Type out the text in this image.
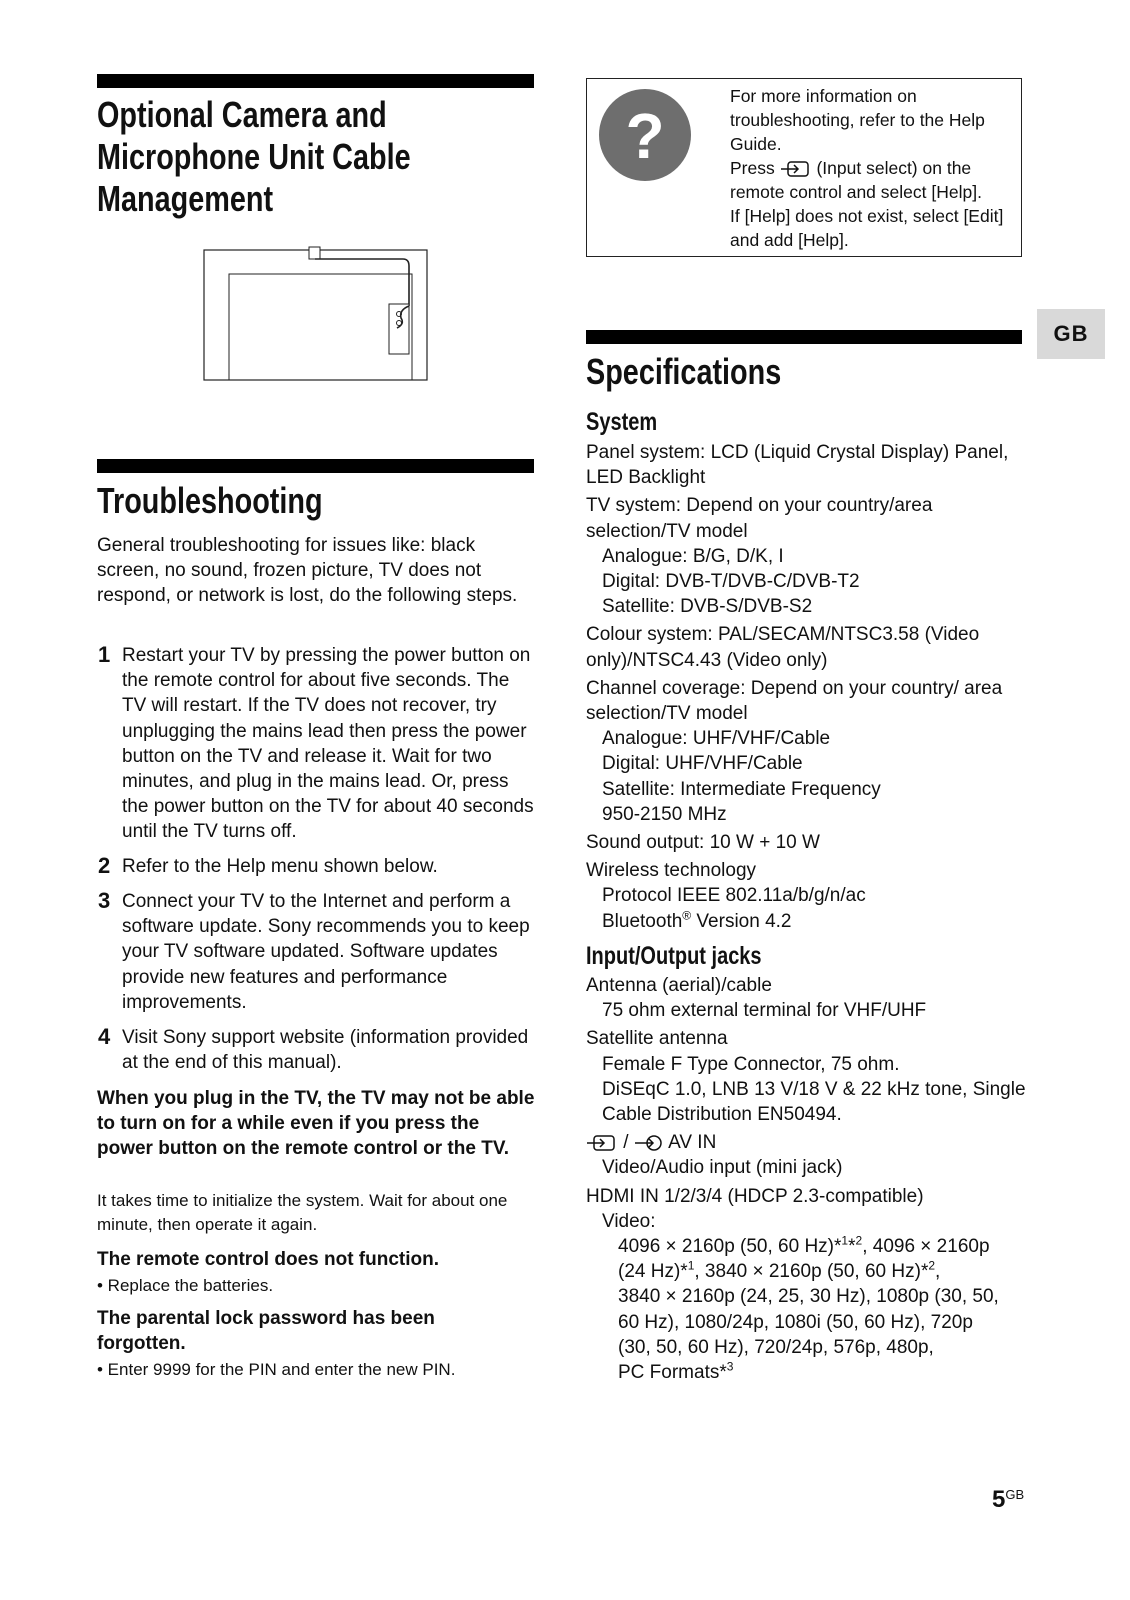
Optional Camera and
Microphone Unit Cable
Management
Troubleshooting
General troubleshooting for issues like: black screen, no sound, frozen picture, TV does not respond, or network is lost, do the following steps.
1 Restart your TV by pressing the power button on the remote control for about five seconds. The TV will restart. If the TV does not recover, try unplugging the mains lead then press the power button on the TV and release it. Wait for two minutes, and plug in the mains lead. Or, press the power button on the TV for about 40 seconds until the TV turns off.
2 Refer to the Help menu shown below.
3 Connect your TV to the Internet and perform a software update. Sony recommends you to keep your TV software updated. Software updates provide new features and performance improvements.
4 Visit Sony support website (information provided at the end of this manual).
When you plug in the TV, the TV may not be able to turn on for a while even if you press the power button on the remote control or the TV.
It takes time to initialize the system. Wait for about one minute, then operate it again.
The remote control does not function.
• Replace the batteries.
The parental lock password has been forgotten.
• Enter 9999 for the PIN and enter the new PIN.
?
For more information on troubleshooting, refer to the Help Guide.
Press (Input select) on the remote control and select [Help].
If [Help] does not exist, select [Edit] and add [Help].
GB
Specifications
System
Panel system: LCD (Liquid Crystal Display) Panel, LED Backlight
TV system: Depend on your country/area selection/TV model
Analogue: B/G, D/K, I
Digital: DVB-T/DVB-C/DVB-T2
Satellite: DVB-S/DVB-S2
Colour system: PAL/SECAM/NTSC3.58 (Video only)/NTSC4.43 (Video only)
Channel coverage: Depend on your country/ area selection/TV model
Analogue: UHF/VHF/Cable
Digital: UHF/VHF/Cable
Satellite: Intermediate Frequency 950-2150 MHz
Sound output: 10 W + 10 W
Wireless technology
Protocol IEEE 802.11a/b/g/n/ac
Bluetooth® Version 4.2
Input/Output jacks
Antenna (aerial)/cable
75 ohm external terminal for VHF/UHF
Satellite antenna
Female F Type Connector, 75 ohm.
DiSEqC 1.0, LNB 13 V/18 V & 22 kHz tone, Single Cable Distribution EN50494.
/ AV IN
Video/Audio input (mini jack)
HDMI IN 1/2/3/4 (HDCP 2.3-compatible)
Video:
4096 × 2160p (50, 60 Hz)*$^1$*$^2$, 4096 × 2160p
(24 Hz)*$^1$, 3840 × 2160p (50, 60 Hz)*$^2$,
3840 × 2160p (24, 25, 30 Hz), 1080p (30, 50,
60 Hz), 1080/24p, 1080i (50, 60 Hz), 720p
(30, 50, 60 Hz), 720/24p, 576p, 480p,
PC Formats*$^3$
$5^{GB}$
